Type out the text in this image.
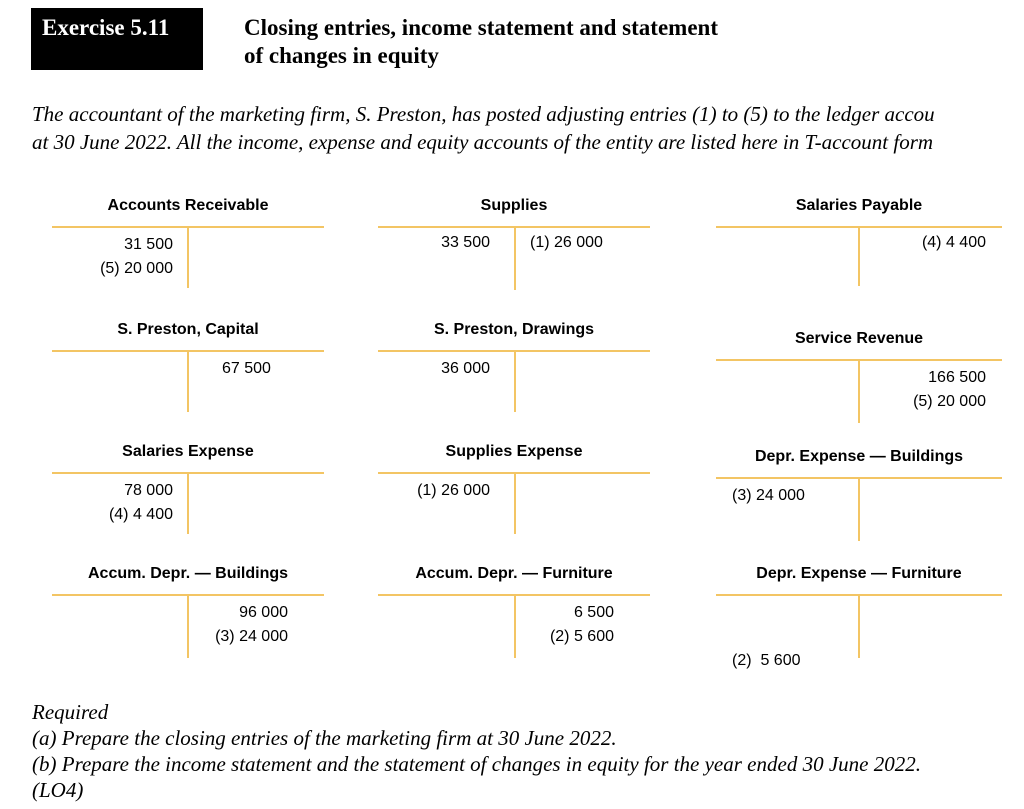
Exercise 5.11	Closing entries, income statement and statement
of changes in equity
The accountant of the marketing firm, S. Preston, has posted adjusting entries (1) to (5) to the ledger accou
at 30 June 2022. All the income, expense and equity accounts of the entity are listed here in T-account form
Accounts Receivable
31 500
(5) 20 000
Supplies
33 500	(1) 26 000
Salaries Payable
(4) 4 400
S. Preston, Capital
67 500
S. Preston, Drawings
36 000
Service Revenue
166 500
(5) 20 000
Salaries Expense
78 000
(4) 4 400
Supplies Expense
(1) 26 000
Depr. Expense — Buildings
(3) 24 000
Accum. Depr. — Buildings
96 000
(3) 24 000
Accum. Depr. — Furniture
6 500
(2) 5 600
Depr. Expense — Furniture

(2)  5 600

Required
(a) Prepare the closing entries of the marketing firm at 30 June 2022.
(b) Prepare the income statement and the statement of changes in equity for the year ended 30 June 2022.
(LO4)
